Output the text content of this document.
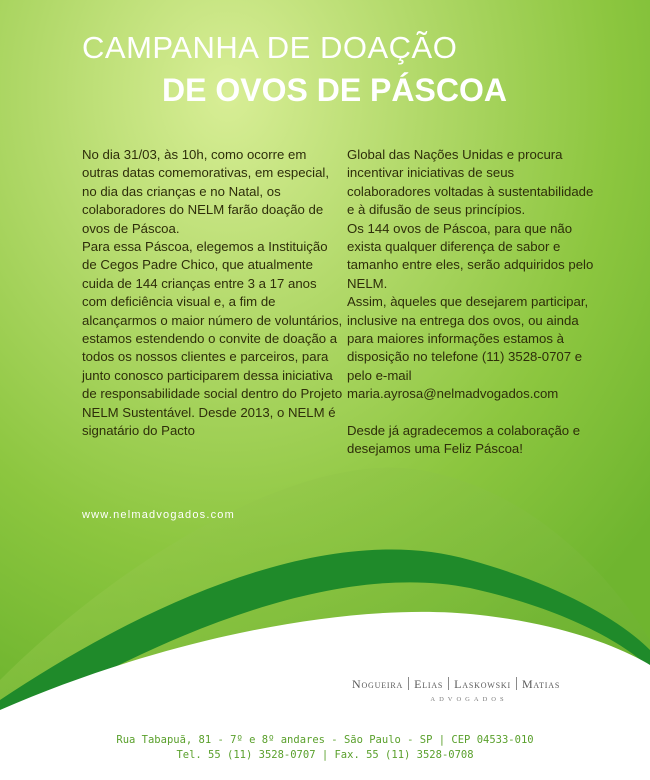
CAMPANHA DE DOAÇÃO
DE OVOS DE PÁSCOA

No dia 31/03, às 10h, como ocorre em outras datas comemorativas, em especial, no dia das crianças e no Natal, os colaboradores do NELM farão doação de ovos de Páscoa.

Para essa Páscoa, elegemos a Instituição de Cegos Padre Chico, que atualmente cuida de 144 crianças entre 3 a 17 anos com deficiência visual e, a fim de alcançarmos o maior número de voluntários, estamos estendendo o convite de doação a todos os nossos clientes e parceiros, para junto conosco participarem dessa iniciativa de responsabilidade social dentro do Projeto NELM Sustentável. Desde 2013, o NELM é signatário do Pacto

Global das Nações Unidas e procura incentivar iniciativas de seus colaboradores voltadas à sustentabilidade e à difusão de seus princípios.

Os 144 ovos de Páscoa, para que não exista qualquer diferença de sabor e tamanho entre eles, serão adquiridos pelo NELM.

Assim, àqueles que desejarem participar, inclusive na entrega dos ovos, ou ainda para maiores informações estamos à disposição no telefone (11) 3528-0707 e pelo e-mail maria.ayrosa@nelmadvogados.com

Desde já agradecemos a colaboração e desejamos uma Feliz Páscoa!

www.nelmadvogados.com
Nogueira Elias Laskowski Matias
ADVOGADOS
Rua Tabapuã, 81 - 7º e 8º andares - São Paulo - SP | CEP 04533-010
Tel. 55 (11) 3528-0707 | Fax. 55 (11) 3528-0708
